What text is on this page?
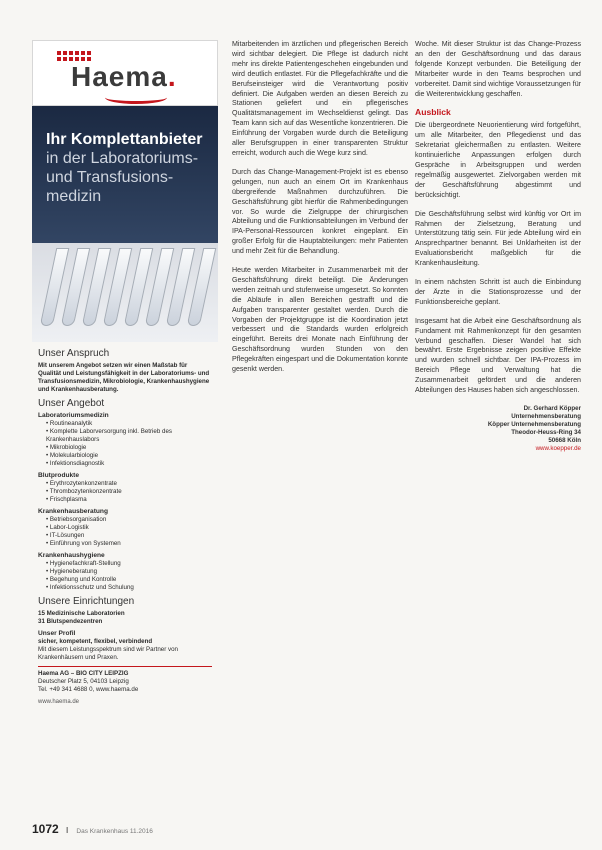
Haema.
Ihr Komplettanbieter
in der Laboratoriums-
und Transfusions-
medizin
Unser Anspruch
Mit unserem Angebot setzen wir einen Maßstab für Qualität und Leistungsfähigkeit in der Laboratoriums- und Transfusionsmedizin, Mikrobiologie, Krankenhaushygiene und Krankenhausberatung.
Unser Angebot
Laboratoriumsmedizin
• Routineanalytik
• Komplette Laborversorgung inkl. Betrieb des Krankenhauslabors
• Mikrobiologie
• Molekularbiologie
• Infektionsdiagnostik
Blutprodukte
• Erythrozytenkonzentrate
• Thrombozytenkonzentrate
• Frischplasma
Krankenhausberatung
• Betriebsorganisation
• Labor-Logistik
• IT-Lösungen
• Einführung von Systemen
Krankenhaushygiene
• Hygienefachkraft-Stellung
• Hygieneberatung
• Begehung und Kontrolle
• Infektionsschutz und Schulung
Unsere Einrichtungen
15 Medizinische Laboratorien
31 Blutspendezentren
Unser Profil
sicher, kompetent, flexibel, verbindend
Mit diesem Leistungsspektrum sind wir Partner von Krankenhäusern und Praxen.
Haema AG – BIO CITY LEIPZIG
Deutscher Platz 5, 04103 Leipzig
Tel. +49 341 4688 0, www.haema.de
www.haema.de

Mitarbeitenden im ärztlichen und pflegerischen Bereich wird sichtbar delegiert. Die Pflege ist dadurch nicht mehr ins direkte Patientengeschehen eingebunden und wird deutlich entlastet. Für die Pflegefachkräfte und die Berufseinsteiger wird die Verantwortung positiv definiert. Die Aufgaben werden an diesen Bereich zu Stationen geliefert und ein pflegerisches Qualitätsmanagement im Wechseldienst gelingt. Das Team kann sich auf das Wesentliche konzentrieren. Die Einführung der Vorgaben wurde durch die Beteiligung aller Berufsgruppen in einer transparenten Struktur erreicht, wodurch auch die Wege kurz sind.

Durch das Change-Management-Projekt ist es ebenso gelungen, nun auch an einem Ort im Krankenhaus übergreifende Maßnahmen durchzuführen. Die Geschäftsführung gibt hierfür die Rahmenbedingungen vor. So wurde die Zielgruppe der chirurgischen Abteilung und die Funktionsabteilungen im Verbund der IPA-Personal-Ressourcen konkret eingeplant. Ein großer Erfolg für die Hauptabteilungen: mehr Patienten und mehr Zeit für die Behandlung.

Heute werden Mitarbeiter in Zusammenarbeit mit der Geschäftsführung direkt beteiligt. Die Änderungen werden zeitnah und stufenweise umgesetzt. So konnten die Abläufe in allen Bereichen gestrafft und die Aufgaben transparenter gestaltet werden. Durch die Vorgaben der Projektgruppe ist die Koordination jetzt verbessert und die Standards wurden erfolgreich eingeführt. Bereits drei Monate nach Einführung der Geschäftsordnung wurden Stunden von den Pflegekräften eingespart und die Dokumentation konnte gesenkt werden.

Woche. Mit dieser Struktur ist das Change-Prozess an den der Geschäftsordnung und das daraus folgende Konzept verbunden. Die Beteiligung der Mitarbeiter wurde in den Teams besprochen und vorbereitet. Damit sind wichtige Voraussetzungen für die Weiterentwicklung geschaffen.

Ausblick

Die übergeordnete Neuorientierung wird fortgeführt, um alle Mitarbeiter, den Pflegedienst und das Sekretariat gleichermaßen zu entlasten. Weitere kontinuierliche Anpassungen erfolgen durch Gespräche in Arbeitsgruppen und werden regelmäßig ausgewertet. Zielvorgaben werden mit der Geschäftsführung abgestimmt und berücksichtigt.

Die Geschäftsführung selbst wird künftig vor Ort im Rahmen der Zielsetzung, Beratung und Unterstützung tätig sein. Für jede Abteilung wird ein Ansprechpartner benannt. Bei Unklarheiten ist der Evaluationsbericht maßgeblich für die Krankenhausleitung.

In einem nächsten Schritt ist auch die Einbindung der Ärzte in die Stationsprozesse und der Funktionsbereiche geplant.

Insgesamt hat die Arbeit eine Geschäftsordnung als Fundament mit Rahmenkonzept für den gesamten Verbund geschaffen. Dieser Wandel hat sich bewährt. Erste Ergebnisse zeigen positive Effekte und wurden schnell sichtbar. Der IPA-Prozess im Bereich Pflege und Verwaltung hat die Zusammenarbeit gefördert und die anderen Abteilungen des Hauses haben sich angeschlossen.

Dr. Gerhard Köpper
Unternehmensberatung
Köpper Unternehmensberatung
Theodor-Heuss-Ring 34
50668 Köln
www.koepper.de
1072 I Das Krankenhaus 11.2016
